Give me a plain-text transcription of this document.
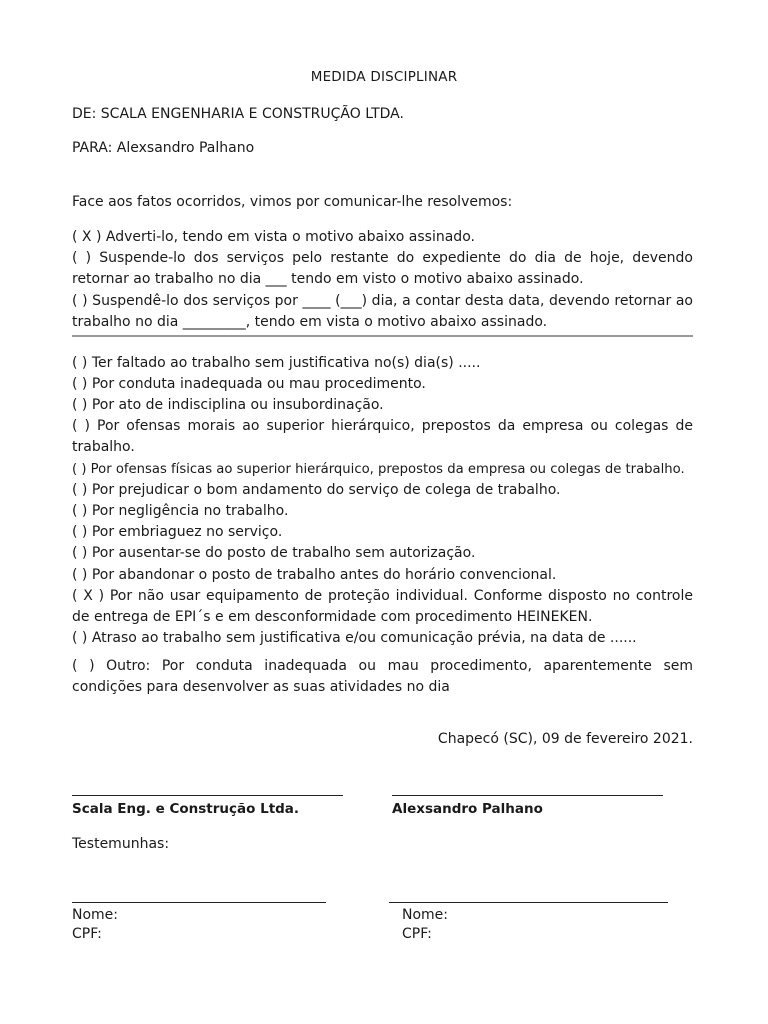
MEDIDA DISCIPLINAR
DE: SCALA ENGENHARIA E CONSTRUÇÃO LTDA.
PARA: Alexsandro Palhano
Face aos fatos ocorridos, vimos por comunicar-lhe resolvemos:
( X ) Adverti-lo, tendo em vista o motivo abaixo assinado.
( ) Suspende-lo dos serviços pelo restante do expediente do dia de hoje, devendo retornar ao trabalho no dia ___ tendo em visto o motivo abaixo assinado.
( ) Suspendê-lo dos serviços por ____ (___) dia, a contar desta data, devendo retornar ao trabalho no dia _________, tendo em vista o motivo abaixo assinado.
( ) Ter faltado ao trabalho sem justificativa no(s) dia(s) .....
( ) Por conduta inadequada ou mau procedimento.
( ) Por ato de indisciplina ou insubordinação.
( ) Por ofensas morais ao superior hierárquico, prepostos da empresa ou colegas de trabalho.
( ) Por ofensas físicas ao superior hierárquico, prepostos da empresa ou colegas de trabalho.
( ) Por prejudicar o bom andamento do serviço de colega de trabalho.
( ) Por negligência no trabalho.
( ) Por embriaguez no serviço.
( ) Por ausentar-se do posto de trabalho sem autorização.
( ) Por abandonar o posto de trabalho antes do horário convencional.
( X ) Por não usar equipamento de proteção individual. Conforme disposto no controle de entrega de EPI´s e em desconformidade com procedimento HEINEKEN.
( ) Atraso ao trabalho sem justificativa e/ou comunicação prévia, na data de ......
( ) Outro: Por conduta inadequada ou mau procedimento, aparentemente sem condições para desenvolver as suas atividades no dia
Chapecó (SC), 09 de fevereiro 2021.
Scala Eng. e Construção Ltda.	Alexsandro Palhano
Testemunhas:
Nome:
CPF:
Nome:
CPF:
